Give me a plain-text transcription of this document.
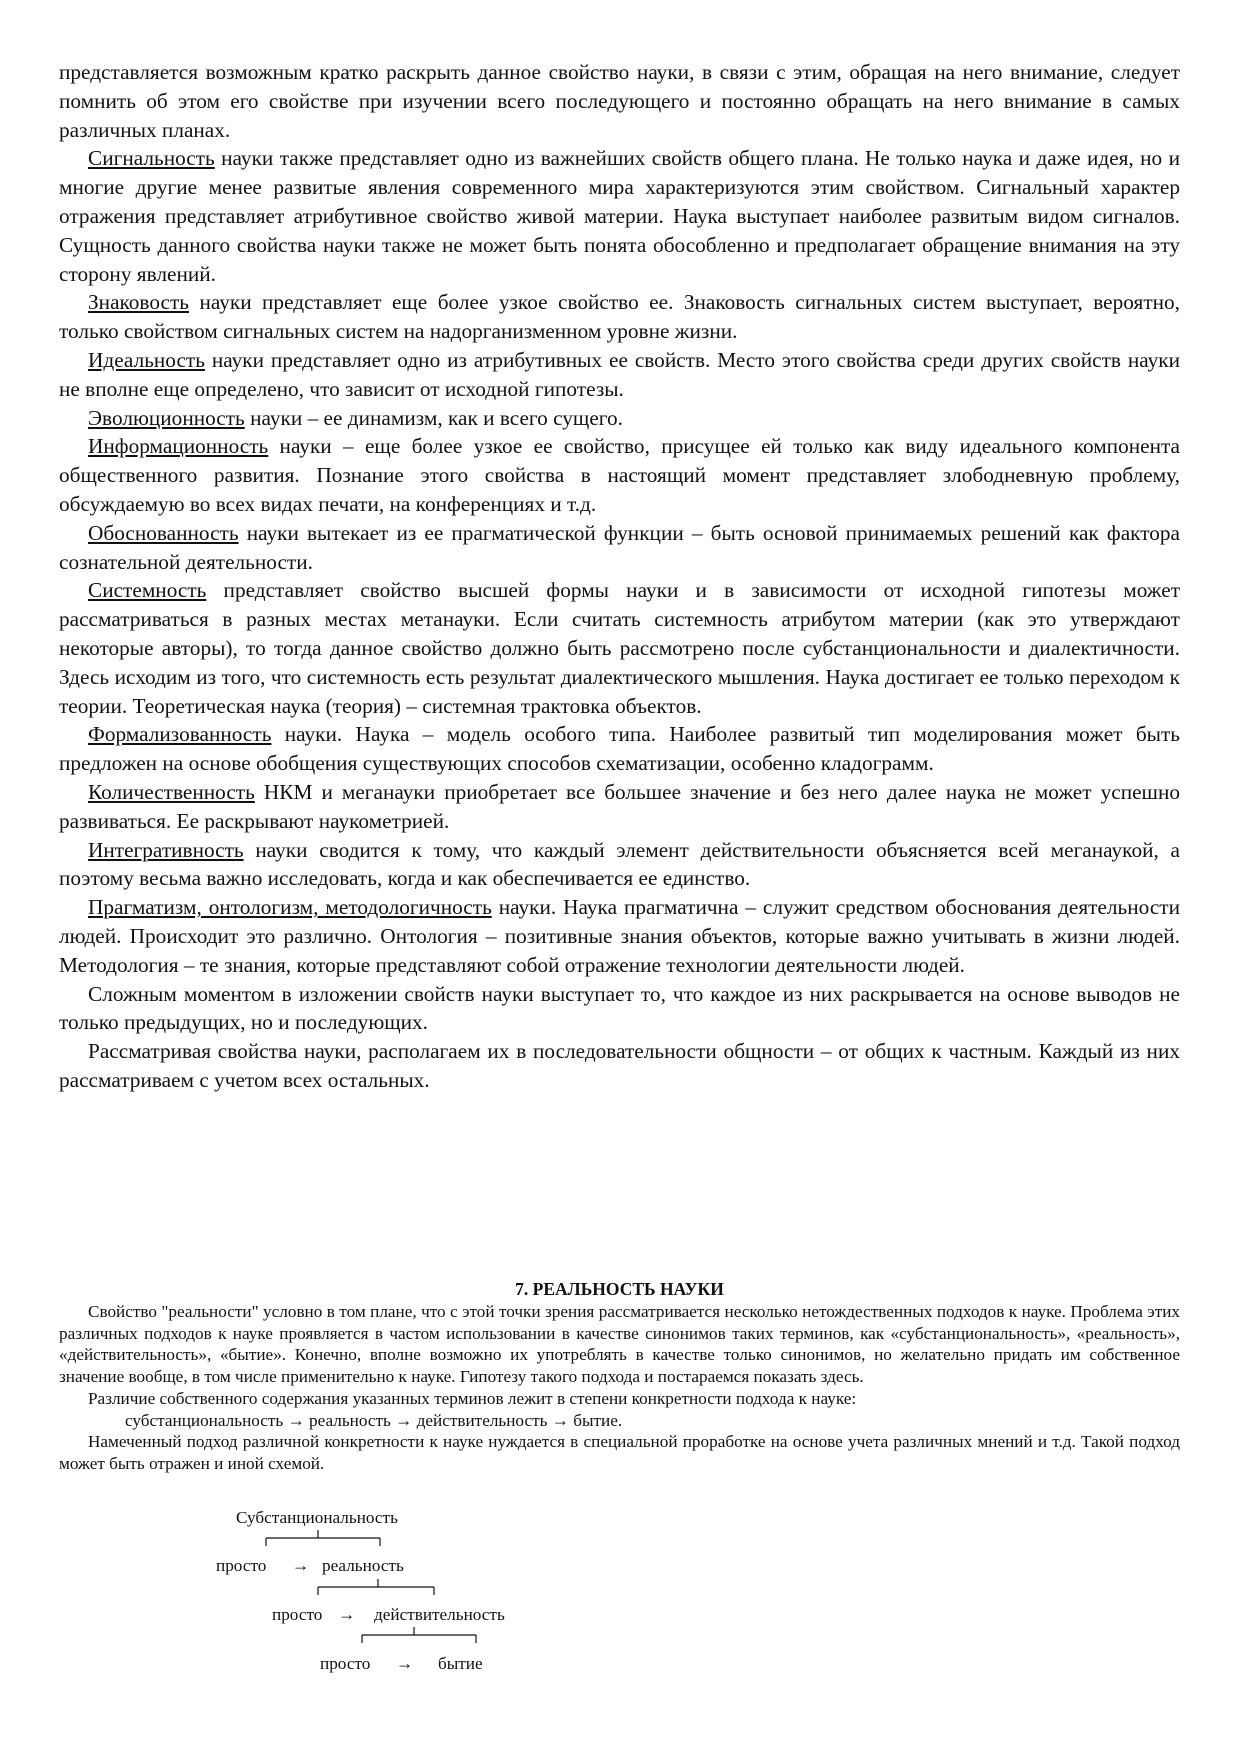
представляется возможным кратко раскрыть данное свойство науки, в связи с этим, обращая на него внимание, следует помнить об этом его свойстве при изучении всего последующего и постоянно обращать на него внимание в самых различных планах.

Сигнальность науки также представляет одно из важнейших свойств общего плана. Не только наука и даже идея, но и многие другие менее развитые явления современного мира характеризуются этим свойством. Сигнальный характер отражения представляет атрибутивное свойство живой материи. Наука выступает наиболее развитым видом сигналов. Сущность данного свойства науки также не может быть понята обособленно и предполагает обращение внимания на эту сторону явлений.

Знаковость науки представляет еще более узкое свойство ее. Знаковость сигнальных систем выступает, вероятно, только свойством сигнальных систем на надорганизменном уровне жизни.

Идеальность науки представляет одно из атрибутивных ее свойств. Место этого свойства среди других свойств науки не вполне еще определено, что зависит от исходной гипотезы.

Эволюционность науки – ее динамизм, как и всего сущего.

Информационность науки – еще более узкое ее свойство, присущее ей только как виду идеального компонента общественного развития. Познание этого свойства в настоящий момент представляет злободневную проблему, обсуждаемую во всех видах печати, на конференциях и т.д.

Обоснованность науки вытекает из ее прагматической функции – быть основой принимаемых решений как фактора сознательной деятельности.

Системность представляет свойство высшей формы науки и в зависимости от исходной гипотезы может рассматриваться в разных местах метанауки. Если считать системность атрибутом материи (как это утверждают некоторые авторы), то тогда данное свойство должно быть рассмотрено после субстанциональности и диалектичности. Здесь исходим из того, что системность есть результат диалектического мышления. Наука достигает ее только переходом к теории. Теоретическая наука (теория) – системная трактовка объектов.

Формализованность науки. Наука – модель особого типа. Наиболее развитый тип моделирования может быть предложен на основе обобщения существующих способов схематизации, особенно кладограмм.

Количественность НКМ и меганауки приобретает все большее значение и без него далее наука не может успешно развиваться. Ее раскрывают наукометрией.

Интегративность науки сводится к тому, что каждый элемент действительности объясняется всей меганаукой, а поэтому весьма важно исследовать, когда и как обеспечивается ее единство.

Прагматизм, онтологизм, методологичность науки. Наука прагматична – служит средством обоснования деятельности людей. Происходит это различно. Онтология – позитивные знания объектов, которые важно учитывать в жизни людей. Методология – те знания, которые представляют собой отражение технологии деятельности людей.

Сложным моментом в изложении свойств науки выступает то, что каждое из них раскрывается на основе выводов не только предыдущих, но и последующих.

Рассматривая свойства науки, располагаем их в последовательности общности – от общих к частным. Каждый из них рассматриваем с учетом всех остальных.

7. РЕАЛЬНОСТЬ НАУКИ

Свойство "реальности" условно в том плане, что с этой точки зрения рассматривается несколько нетождественных подходов к науке. Проблема этих различных подходов к науке проявляется в частом использовании в качестве синонимов таких терминов, как «субстанциональность», «реальность», «действительность», «бытие». Конечно, вполне возможно их употреблять в качестве только синонимов, но желательно придать им собственное значение вообще, в том числе применительно к науке. Гипотезу такого подхода и постараемся показать здесь.

Различие собственного содержания указанных терминов лежит в степени конкретности подхода к науке:

субстанциональность → реальность → действительность → бытие.

Намеченный подход различной конкретности к науке нуждается в специальной проработке на основе учета различных мнений и т.д. Такой подход может быть отражен и иной схемой.

Субстанциональность
просто → реальность
просто → действительность
просто → бытие
